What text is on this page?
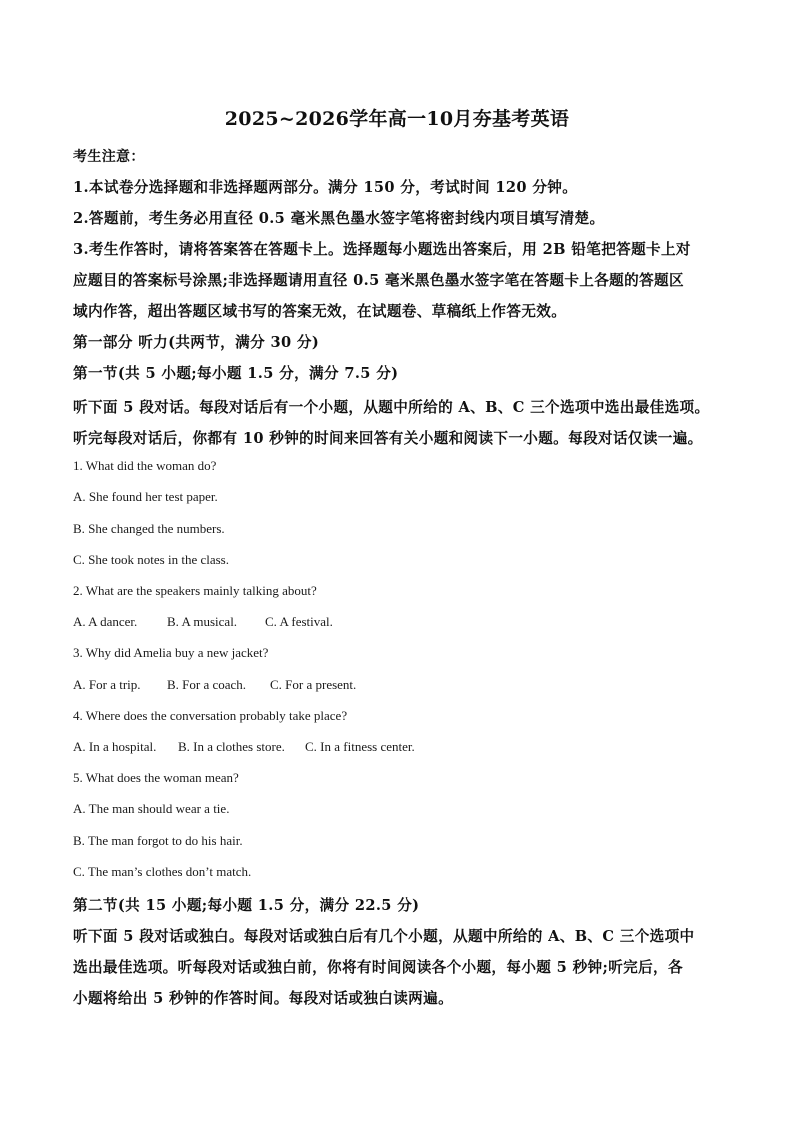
2025~2026学年高一10月夯基考英语
考生注意：
1.本试卷分选择题和非选择题两部分。满分 150 分，考试时间 120 分钟。
2.答题前，考生务必用直径 0.5 毫米黑色墨水签字笔将密封线内项目填写清楚。
3.考生作答时，请将答案答在答题卡上。选择题每小题选出答案后，用 2B 铅笔把答题卡上对
应题目的答案标号涂黑;非选择题请用直径 0.5 毫米黑色墨水签字笔在答题卡上各题的答题区
域内作答，超出答题区域书写的答案无效，在试题卷、草稿纸上作答无效。
第一部分 听力(共两节，满分 30 分)
第一节(共 5 小题;每小题 1.5 分，满分 7.5 分)
听下面 5 段对话。每段对话后有一个小题，从题中所给的 A、B、C 三个选项中选出最佳选项。
听完每段对话后，你都有 10 秒钟的时间来回答有关小题和阅读下一小题。每段对话仅读一遍。
1. What did the woman do?
A. She found her test paper.
B. She changed the numbers.
C. She took notes in the class.
2. What are the speakers mainly talking about?
A. A dancer. B. A musical. C. A festival.
3. Why did Amelia buy a new jacket?
A. For a trip. B. For a coach. C. For a present.
4. Where does the conversation probably take place?
A. In a hospital. B. In a clothes store. C. In a fitness center.
5. What does the woman mean?
A. The man should wear a tie.
B. The man forgot to do his hair.
C. The man’s clothes don’t match.
第二节(共 15 小题;每小题 1.5 分，满分 22.5 分)
听下面 5 段对话或独白。每段对话或独白后有几个小题，从题中所给的 A、B、C 三个选项中
选出最佳选项。听每段对话或独白前，你将有时间阅读各个小题，每小题 5 秒钟;听完后，各
小题将给出 5 秒钟的作答时间。每段对话或独白读两遍。
